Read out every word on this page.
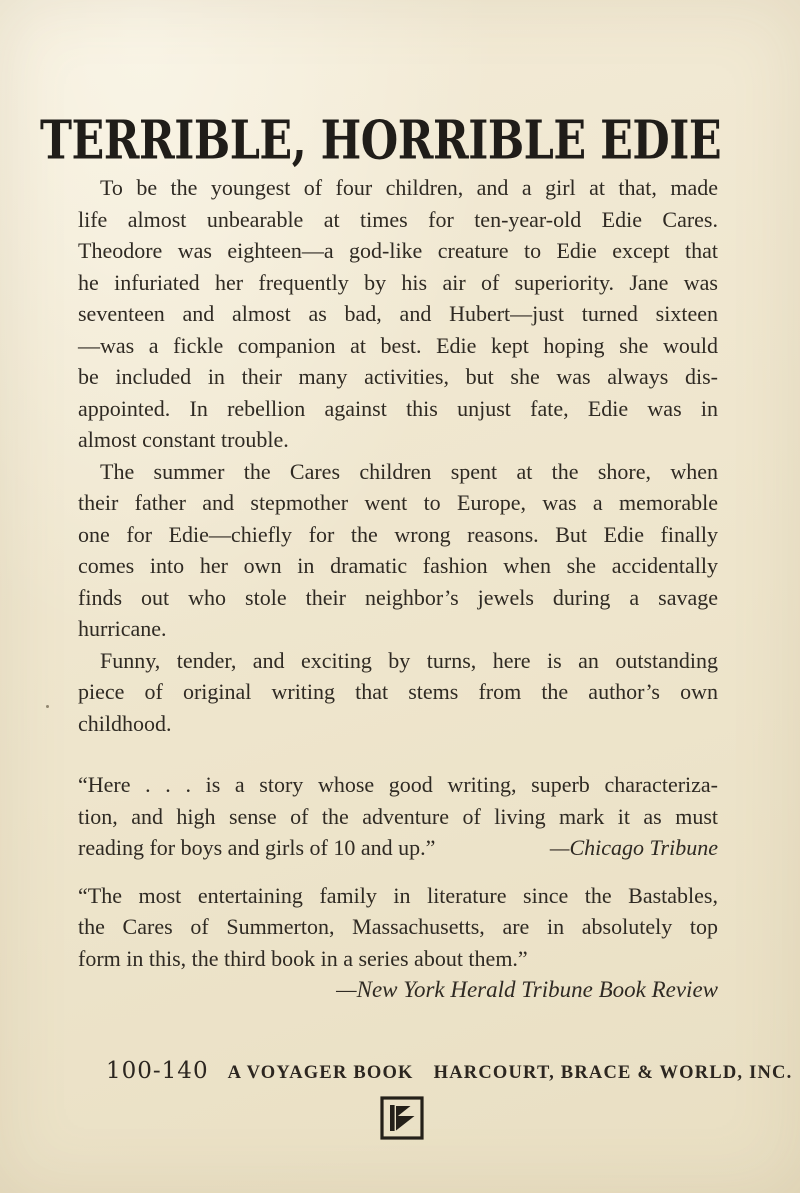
TERRIBLE, HORRIBLE EDIE
To be the youngest of four children, and a girl at that, made
life almost unbearable at times for ten-year-old Edie Cares.
Theodore was eighteen—a god-like creature to Edie except that
he infuriated her frequently by his air of superiority. Jane was
seventeen and almost as bad, and Hubert—just turned sixteen
—was a fickle companion at best. Edie kept hoping she would
be included in their many activities, but she was always dis-
appointed. In rebellion against this unjust fate, Edie was in
almost constant trouble.
The summer the Cares children spent at the shore, when
their father and stepmother went to Europe, was a memorable
one for Edie—chiefly for the wrong reasons. But Edie finally
comes into her own in dramatic fashion when she accidentally
finds out who stole their neighbor’s jewels during a savage
hurricane.
Funny, tender, and exciting by turns, here is an outstanding
piece of original writing that stems from the author’s own
childhood.
“Here . . . is a story whose good writing, superb characteriza-
tion, and high sense of the adventure of living mark it as must
reading for boys and girls of 10 and up.”	—Chicago Tribune
“The most entertaining family in literature since the Bastables,
the Cares of Summerton, Massachusetts, are in absolutely top
form in this, the third book in a series about them.”
—New York Herald Tribune Book Review
100-140 A VOYAGER BOOK HARCOURT, BRACE & WORLD, INC.
